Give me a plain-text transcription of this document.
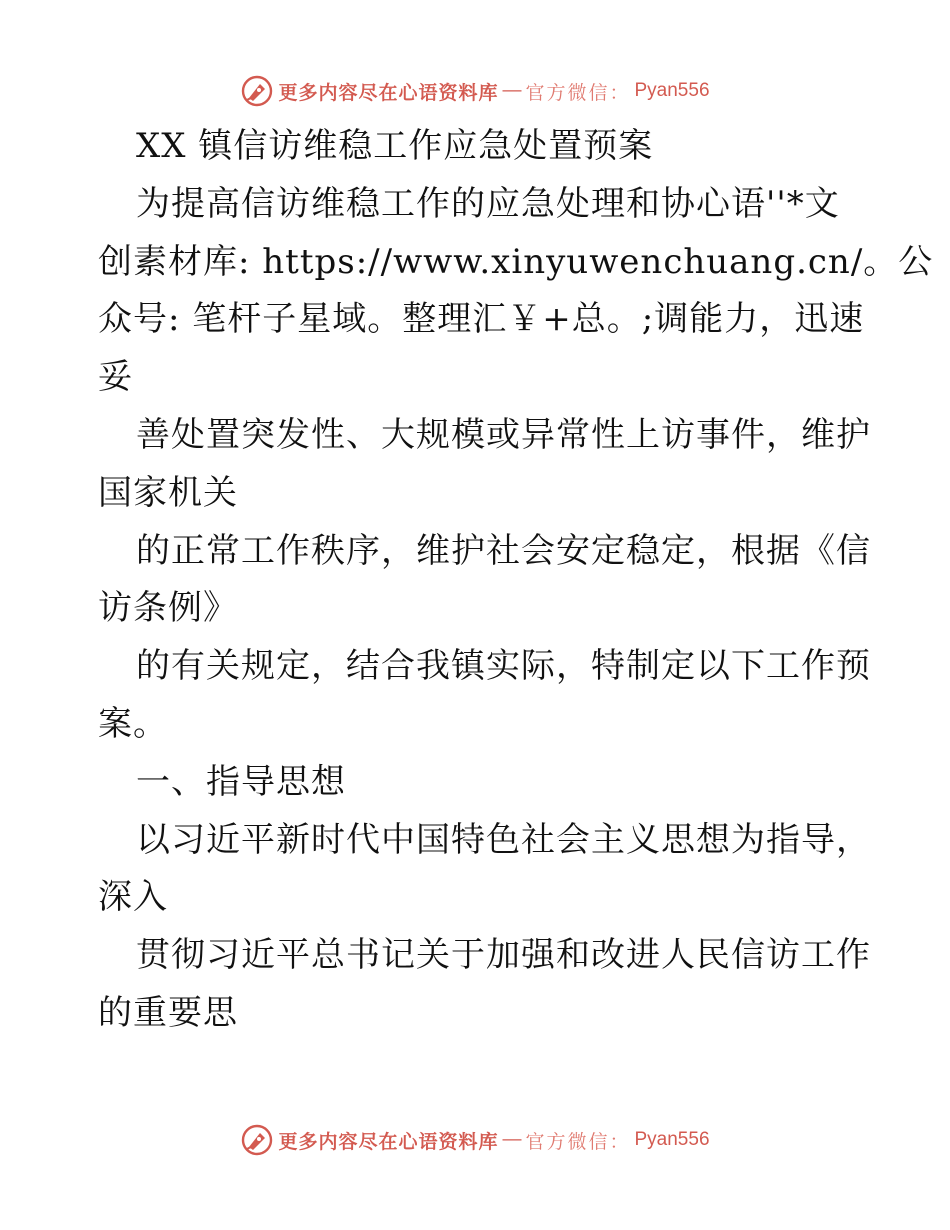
更多内容尽在心语资料库 — 官方微信： Pyan556
XX 镇信访维稳工作应急处置预案
为提高信访维稳工作的应急处理和协心语''*文
创素材库: https://www.xinyuwenchuang.cn/。公
众号: 笔杆子星域。整理汇￥+总。;调能力，迅速
妥
善处置突发性、大规模或异常性上访事件，维护
国家机关
的正常工作秩序，维护社会安定稳定，根据《信
访条例》
的有关规定，结合我镇实际，特制定以下工作预
案。
一、指导思想
以习近平新时代中国特色社会主义思想为指导，
深入
贯彻习近平总书记关于加强和改进人民信访工作
的重要思
更多内容尽在心语资料库 — 官方微信： Pyan556
